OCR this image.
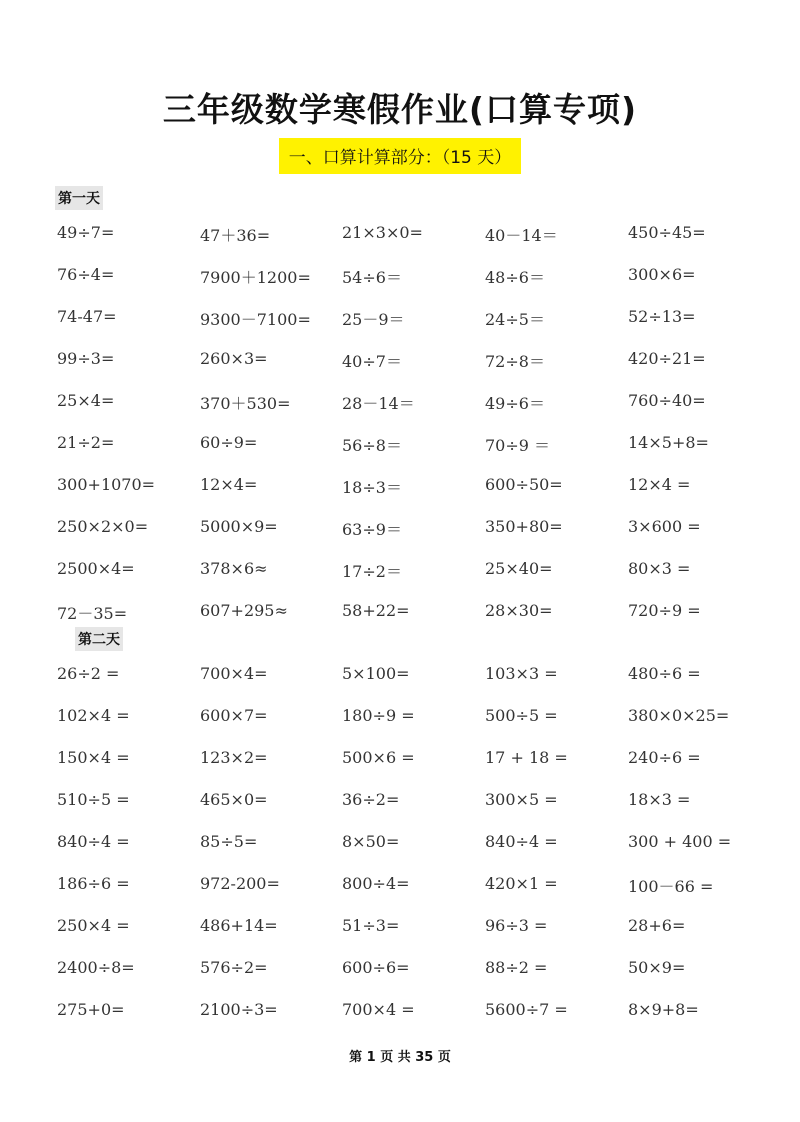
三年级数学寒假作业(口算专项)
一、口算计算部分：（15 天）
第一天
49÷7=	47＋36=	21×3×0=	40－14＝	450÷45=
76÷4=	7900＋1200= 54÷6＝	48÷6＝	300×6=
74-47=	9300－7100= 25－9＝	24÷5＝	52÷13=
99÷3=	260×3=	40÷7＝	72÷8＝	420÷21=
25×4=	370＋530=	28－14＝	49÷6＝	760÷40=
21÷2=	60÷9=	56÷8＝	70÷9 ＝	14×5+8=
300+1070=	12×4=	18÷3＝	600÷50=	12×4 =
250×2×0=	5000×9=	63÷9＝	350+80=	3×600 =
2500×4=	378×6≈	17÷2＝	25×40=	80×3 =
72－35=	607+295≈	58+22=	28×30=	720÷9 =
第二天
26÷2 =	700×4=	5×100=	103×3 =	480÷6 =
102×4 =	600×7=	180÷9 =	500÷5 =	380×0×25=
150×4 =	123×2=	500×6 =	17 + 18 =	240÷6 =
510÷5 =	465×0=	36÷2=	300×5 =	18×3 =
840÷4 =	85÷5=	8×50=	840÷4 =	300 + 400 =
186÷6 =	972-200=	800÷4=	420×1 =	100－66 =
250×4 =	486+14=	51÷3=	96÷3 =	28+6=
2400÷8=	576÷2=	600÷6=	88÷2 =	50×9=
275+0=	2100÷3=	700×4 =	5600÷7 =	8×9+8=
第 1 页 共 35 页
